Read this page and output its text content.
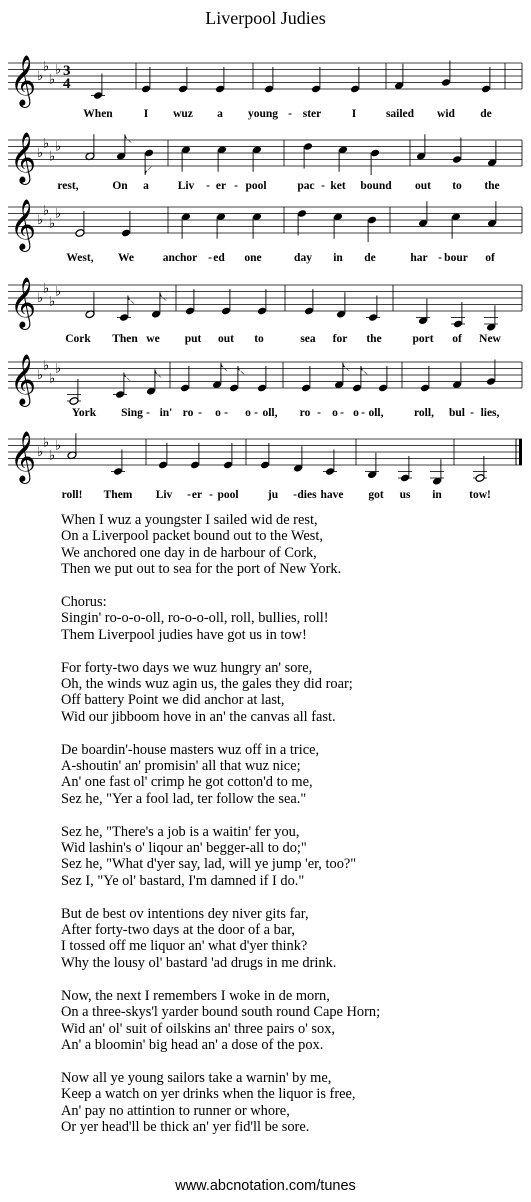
Liverpool Judies
𝄞 ♭
♭
♭
♭ 3
4
When	I wuz a young - ster	I	sailed wid de
𝄞 ♭
♭
♭
♭
rest,	On a	Liv - er - pool	pac - ket bound out to the
𝄞 ♭
♭
♭
♭
West, We	anchor - ed one	day in de	har - bour of
𝄞 ♭
♭
♭
♭
Cork Then we put out to	sea for the	port of New
𝄞 ♭
♭
♭
♭
York Sing - in' ro - o - o - oll, ro - o - o - oll,	roll, bul - lies,
𝄞 ♭
♭
♭
♭
roll! Them Liv - er - pool	ju - dies have got us in tow!
When I wuz a youngster I sailed wid de rest,
On a Liverpool packet bound out to the West,
We anchored one day in de harbour of Cork,
Then we put out to sea for the port of New York.
Chorus:
Singin' ro-o-o-oll, ro-o-o-oll, roll, bullies, roll!
Them Liverpool judies have got us in tow!
For forty-two days we wuz hungry an' sore,
Oh, the winds wuz agin us, the gales they did roar;
Off battery Point we did anchor at last,
Wid our jibboom hove in an' the canvas all fast.
De boardin'-house masters wuz off in a trice,
A-shoutin' an' promisin' all that wuz nice;
An' one fast ol' crimp he got cotton'd to me,
Sez he, "Yer a fool lad, ter follow the sea."
Sez he, "There's a job is a waitin' fer you,
Wid lashin's o' liqour an' begger-all to do;"
Sez he, "What d'yer say, lad, will ye jump 'er, too?"
Sez I, "Ye ol' bastard, I'm damned if I do."
But de best ov intentions dey niver gits far,
After forty-two days at the door of a bar,
I tossed off me liquor an' what d'yer think?
Why the lousy ol' bastard 'ad drugs in me drink.
Now, the next I remembers I woke in de morn,
On a three-skys'l yarder bound south round Cape Horn;
Wid an' ol' suit of oilskins an' three pairs o' sox,
An' a bloomin' big head an' a dose of the pox.
Now all ye young sailors take a warnin' by me,
Keep a watch on yer drinks when the liquor is free,
An' pay no attintion to runner or whore,
Or yer head'll be thick an' yer fid'll be sore.
www.abcnotation.com/tunes
